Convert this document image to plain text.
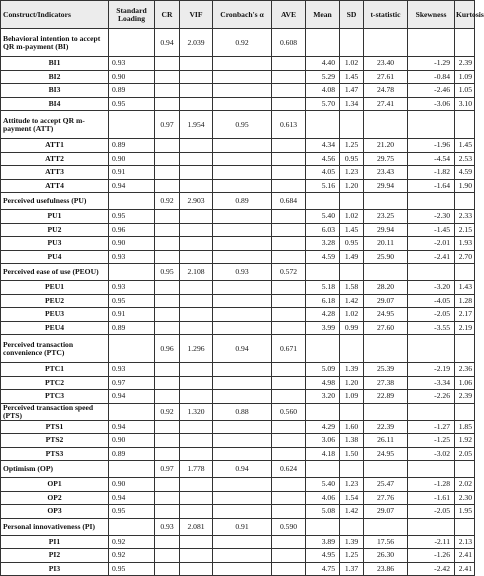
Construct/Indicators	Standard Loading	CR	VIF	Cronbach's α	AVE	Mean	SD	t-statistic	Skewness	Kurtosis
Behavioral intention to accept QR m-payment (BI)		0.94	2.039	0.92	0.608					
BI1	0.93					4.40	1.02	23.40	-1.29	2.39
BI2	0.90					5.29	1.45	27.61	-0.84	1.09
BI3	0.89					4.08	1.47	24.78	-2.46	1.05
BI4	0.95					5.70	1.34	27.41	-3.06	3.10
Attitude to accept QR m-payment (ATT)		0.97	1.954	0.95	0.613					
ATT1	0.89					4.34	1.25	21.20	-1.96	1.45
ATT2	0.90					4.56	0.95	29.75	-4.54	2.53
ATT3	0.91					4.05	1.23	23.43	-1.82	4.59
ATT4	0.94					5.16	1.20	29.94	-1.64	1.90
Perceived usefulness (PU)		0.92	2.903	0.89	0.684					
PU1	0.95					5.40	1.02	23.25	-2.30	2.33
PU2	0.96					6.03	1.45	29.94	-1.45	2.15
PU3	0.90					3.28	0.95	20.11	-2.01	1.93
PU4	0.93					4.59	1.49	25.90	-2.41	2.70
Perceived ease of use (PEOU)		0.95	2.108	0.93	0.572					
PEU1	0.93					5.18	1.58	28.20	-3.20	1.43
PEU2	0.95					6.18	1.42	29.07	-4.05	1.28
PEU3	0.91					4.28	1.02	24.95	-2.05	2.17
PEU4	0.89					3.99	0.99	27.60	-3.55	2.19
Perceived transaction convenience (PTC)		0.96	1.296	0.94	0.671					
PTC1	0.93					5.09	1.39	25.39	-2.19	2.36
PTC2	0.97					4.98	1.20	27.38	-3.34	1.06
PTC3	0.94					3.20	1.09	22.89	-2.26	2.39
Perceived transaction speed (PTS)		0.92	1.320	0.88	0.560					
PTS1	0.94					4.29	1.60	22.39	-1.27	1.85
PTS2	0.90					3.06	1.38	26.11	-1.25	1.92
PTS3	0.89					4.18	1.50	24.95	-3.02	2.05
Optimism (OP)		0.97	1.778	0.94	0.624					
OP1	0.90					5.40	1.23	25.47	-1.28	2.02
OP2	0.94					4.06	1.54	27.76	-1.61	2.30
OP3	0.95					5.08	1.42	29.07	-2.05	1.95
Personal innovativeness (PI)		0.93	2.081	0.91	0.590					
PI1	0.92					3.89	1.39	17.56	-2.11	2.13
PI2	0.92					4.95	1.25	26.30	-1.26	2.41
PI3	0.95					4.75	1.37	23.86	-2.42	2.41
